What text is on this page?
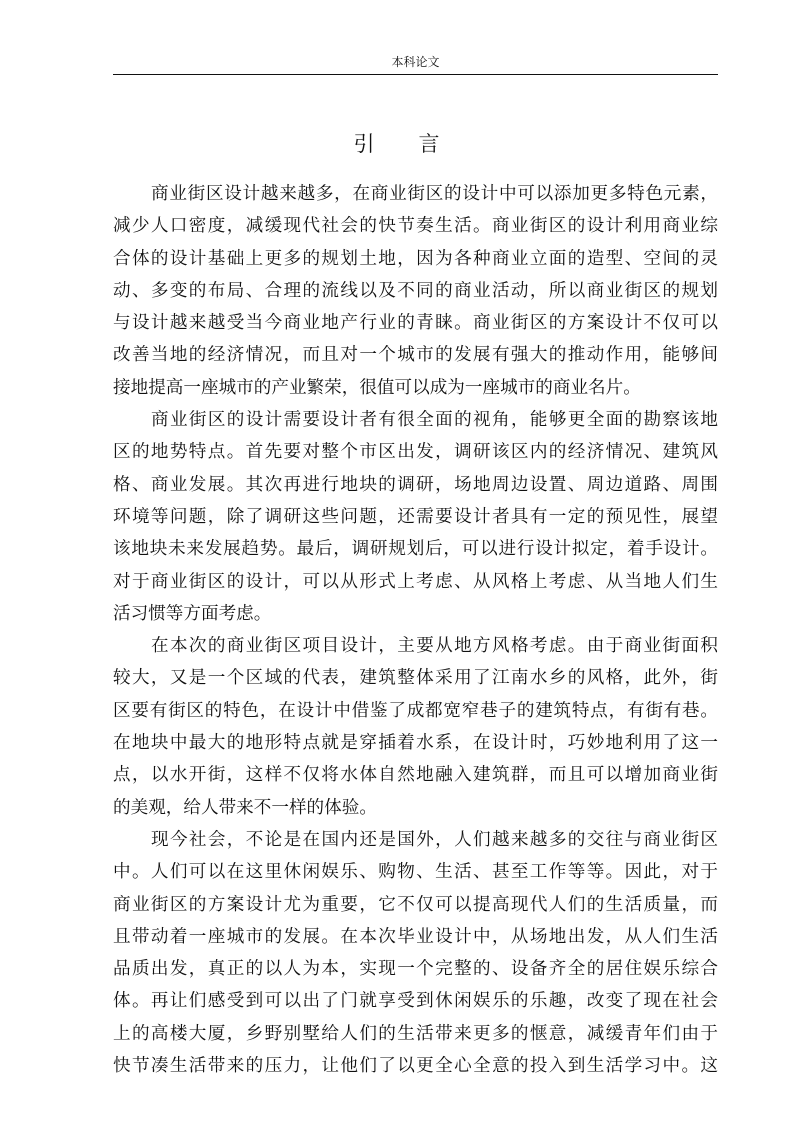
本科论文
引言
商业街区设计越来越多，在商业街区的设计中可以添加更多特色元素，
减少人口密度，减缓现代社会的快节奏生活。商业街区的设计利用商业综
合体的设计基础上更多的规划土地，因为各种商业立面的造型、空间的灵
动、多变的布局、合理的流线以及不同的商业活动，所以商业街区的规划
与设计越来越受当今商业地产行业的青睐。商业街区的方案设计不仅可以
改善当地的经济情况，而且对一个城市的发展有强大的推动作用，能够间
接地提高一座城市的产业繁荣，很值可以成为一座城市的商业名片。
商业街区的设计需要设计者有很全面的视角，能够更全面的勘察该地
区的地势特点。首先要对整个市区出发，调研该区内的经济情况、建筑风
格、商业发展。其次再进行地块的调研，场地周边设置、周边道路、周围
环境等问题，除了调研这些问题，还需要设计者具有一定的预见性，展望
该地块未来发展趋势。最后，调研规划后，可以进行设计拟定，着手设计。
对于商业街区的设计，可以从形式上考虑、从风格上考虑、从当地人们生
活习惯等方面考虑。
在本次的商业街区项目设计，主要从地方风格考虑。由于商业街面积
较大，又是一个区域的代表，建筑整体采用了江南水乡的风格，此外，街
区要有街区的特色，在设计中借鉴了成都宽窄巷子的建筑特点，有街有巷。
在地块中最大的地形特点就是穿插着水系，在设计时，巧妙地利用了这一
点，以水开街，这样不仅将水体自然地融入建筑群，而且可以增加商业街
的美观，给人带来不一样的体验。
现今社会，不论是在国内还是国外，人们越来越多的交往与商业街区
中。人们可以在这里休闲娱乐、购物、生活、甚至工作等等。因此，对于
商业街区的方案设计尤为重要，它不仅可以提高现代人们的生活质量，而
且带动着一座城市的发展。在本次毕业设计中，从场地出发，从人们生活
品质出发，真正的以人为本，实现一个完整的、设备齐全的居住娱乐综合
体。再让们感受到可以出了门就享受到休闲娱乐的乐趣，改变了现在社会
上的高楼大厦，乡野别墅给人们的生活带来更多的惬意，减缓青年们由于
快节凑生活带来的压力，让他们了以更全心全意的投入到生活学习中。这
